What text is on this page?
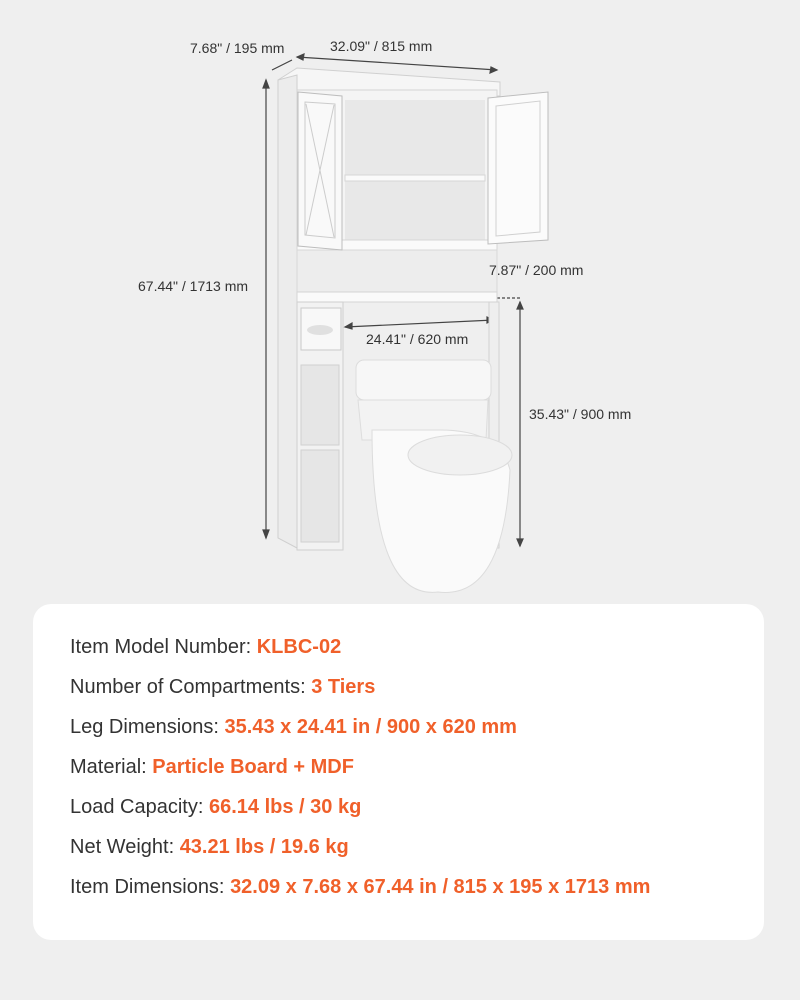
7.68" / 195 mm	32.09" / 815 mm
67.44" / 1713 mm
7.87" / 200 mm
24.41" / 620 mm
35.43" / 900 mm
Item Model Number: KLBC-02
Number of Compartments: 3 Tiers
Leg Dimensions: 35.43 x 24.41 in / 900 x 620 mm
Material: Particle Board + MDF
Load Capacity: 66.14 lbs / 30 kg
Net Weight: 43.21 lbs / 19.6 kg
Item Dimensions: 32.09 x 7.68 x 67.44 in / 815 x 195 x 1713 mm
